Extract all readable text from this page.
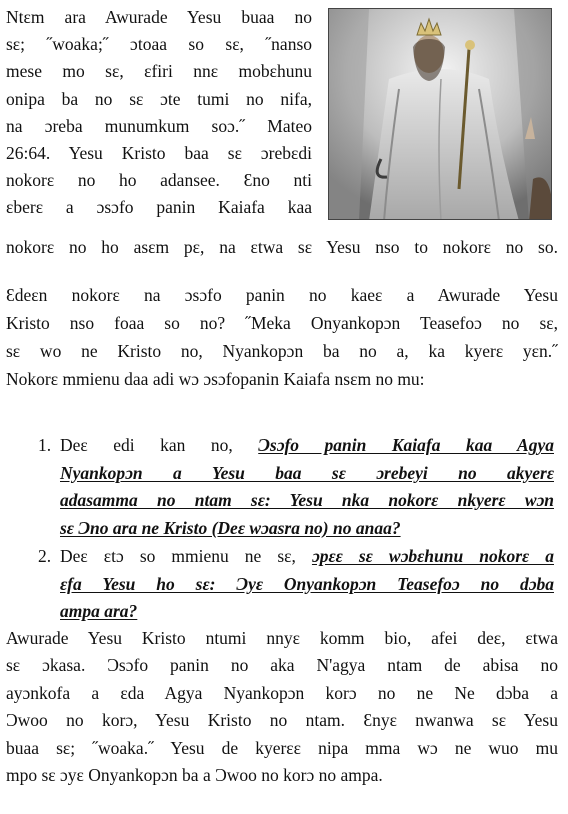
Ntɛm ara Awurade Yesu buaa no
sɛ; ˝woaka;˝ ɔtoaa so sɛ, ˝nanso
mese mo sɛ, ɛfiri nnɛ mobɛhunu
onipa ba no sɛ ɔte tumi no nifa,
na ɔreba munumkum soɔ.˝ Mateo
26:64. Yesu Kristo baa sɛ ɔrebɛdi
nokorɛ no ho adansee. Ɛno nti
ɛberɛ a ɔsɔfo panin Kaiafa kaa
nokorɛ no ho asɛm pɛ, na ɛtwa sɛ Yesu nso to nokorɛ no so.
Ɛdeɛn nokorɛ na ɔsɔfo panin no kaeɛ a Awurade Yesu
Kristo nso foaa so no? ˝Meka Onyankopɔn Teasefoɔ no sɛ,
sɛ wo ne Kristo no, Nyankopɔn ba no a, ka kyerɛ yɛn.˝
Nokorɛ mmienu daa adi wɔ ɔsɔfopanin Kaiafa nsɛm no mu:
1. Deɛ edi kan no, Ɔsɔfo panin Kaiafa kaa Agya
Nyankopɔn a Yesu baa sɛ ɔrebeyi no akyerɛ
adasamma no ntam sɛ: Yesu nka nokorɛ nkyerɛ wɔn
sɛ Ɔno ara ne Kristo (Deɛ wɔasra no) no anaa?
2. Deɛ ɛtɔ so mmienu ne sɛ, ɔpɛɛ sɛ wɔbɛhunu nokorɛ a
ɛfa Yesu ho sɛ: Ɔyɛ Onyankopɔn Teasefoɔ no dɔba
ampa ara?
Awurade Yesu Kristo ntumi nnyɛ komm bio, afei deɛ, ɛtwa
sɛ ɔkasa. Ɔsɔfo panin no aka N'agya ntam de abisa no
ayɔnkofa a ɛda Agya Nyankopɔn korɔ no ne Ne dɔba a
Ɔwoo no korɔ, Yesu Kristo no ntam. Ɛnyɛ nwanwa sɛ Yesu
buaa sɛ; ˝woaka.˝ Yesu de kyerɛɛ nipa mma wɔ ne wuo mu
mpo sɛ ɔyɛ Onyankopɔn ba a Ɔwoo no korɔ no ampa.
